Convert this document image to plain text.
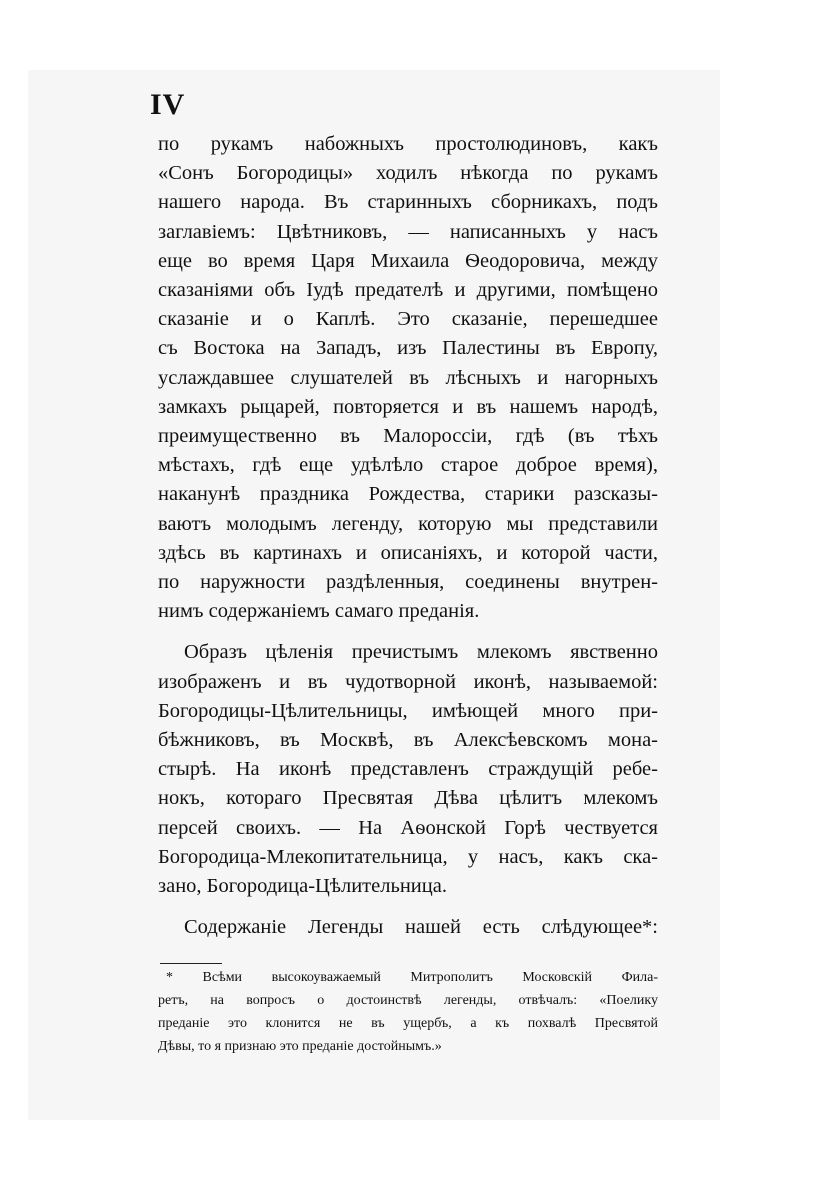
IV
по рукамъ набожныхъ простолюдиновъ, какъ
«Сонъ Богородицы» ходилъ нѣкогда по рукамъ
нашего народа. Въ старинныхъ сборникахъ, подъ
заглавіемъ: Цвѣтниковъ, — написанныхъ у насъ
еще во время Царя Михаила Ѳеодоровича, между
сказаніями объ Іудѣ предателѣ и другими, помѣщено
сказаніе и о Каплѣ. Это сказаніе, перешедшее
съ Востока на Западъ, изъ Палестины въ Европу,
услаждавшее слушателей въ лѣсныхъ и нагорныхъ
замкахъ рыцарей, повторяется и въ нашемъ народѣ,
преимущественно въ Малороссіи, гдѣ (въ тѣхъ
мѣстахъ, гдѣ еще удѣлѣло старое доброе время),
наканунѣ праздника Рождества, старики разсказы-
ваютъ молодымъ легенду, которую мы представили
здѣсь въ картинахъ и описаніяхъ, и которой части,
по наружности раздѣленныя, соединены внутрен-
нимъ содержаніемъ самаго преданія.
Образъ цѣленія пречистымъ млекомъ явственно
изображенъ и въ чудотворной иконѣ, называемой:
Богородицы-Цѣлительницы, имѣющей много при-
бѣжниковъ, въ Москвѣ, въ Алексѣевскомъ мона-
стырѣ. На иконѣ представленъ страждущій ребе-
нокъ, котораго Пресвятая Дѣва цѣлитъ млекомъ
персей своихъ. — На Аѳонской Горѣ чествуется
Богородица-Млекопитательница, у насъ, какъ ска-
зано, Богородица-Цѣлительница.
Содержаніе Легенды нашей есть слѣдующее*:
* Всѣми высокоуважаемый Митрополитъ Московскій Фила-
ретъ, на вопросъ о достоинствѣ легенды, отвѣчалъ: «Поелику
преданіе это клонится не въ ущербъ, а къ похвалѣ Пресвятой
Дѣвы, то я признаю это преданіе достойнымъ.»
